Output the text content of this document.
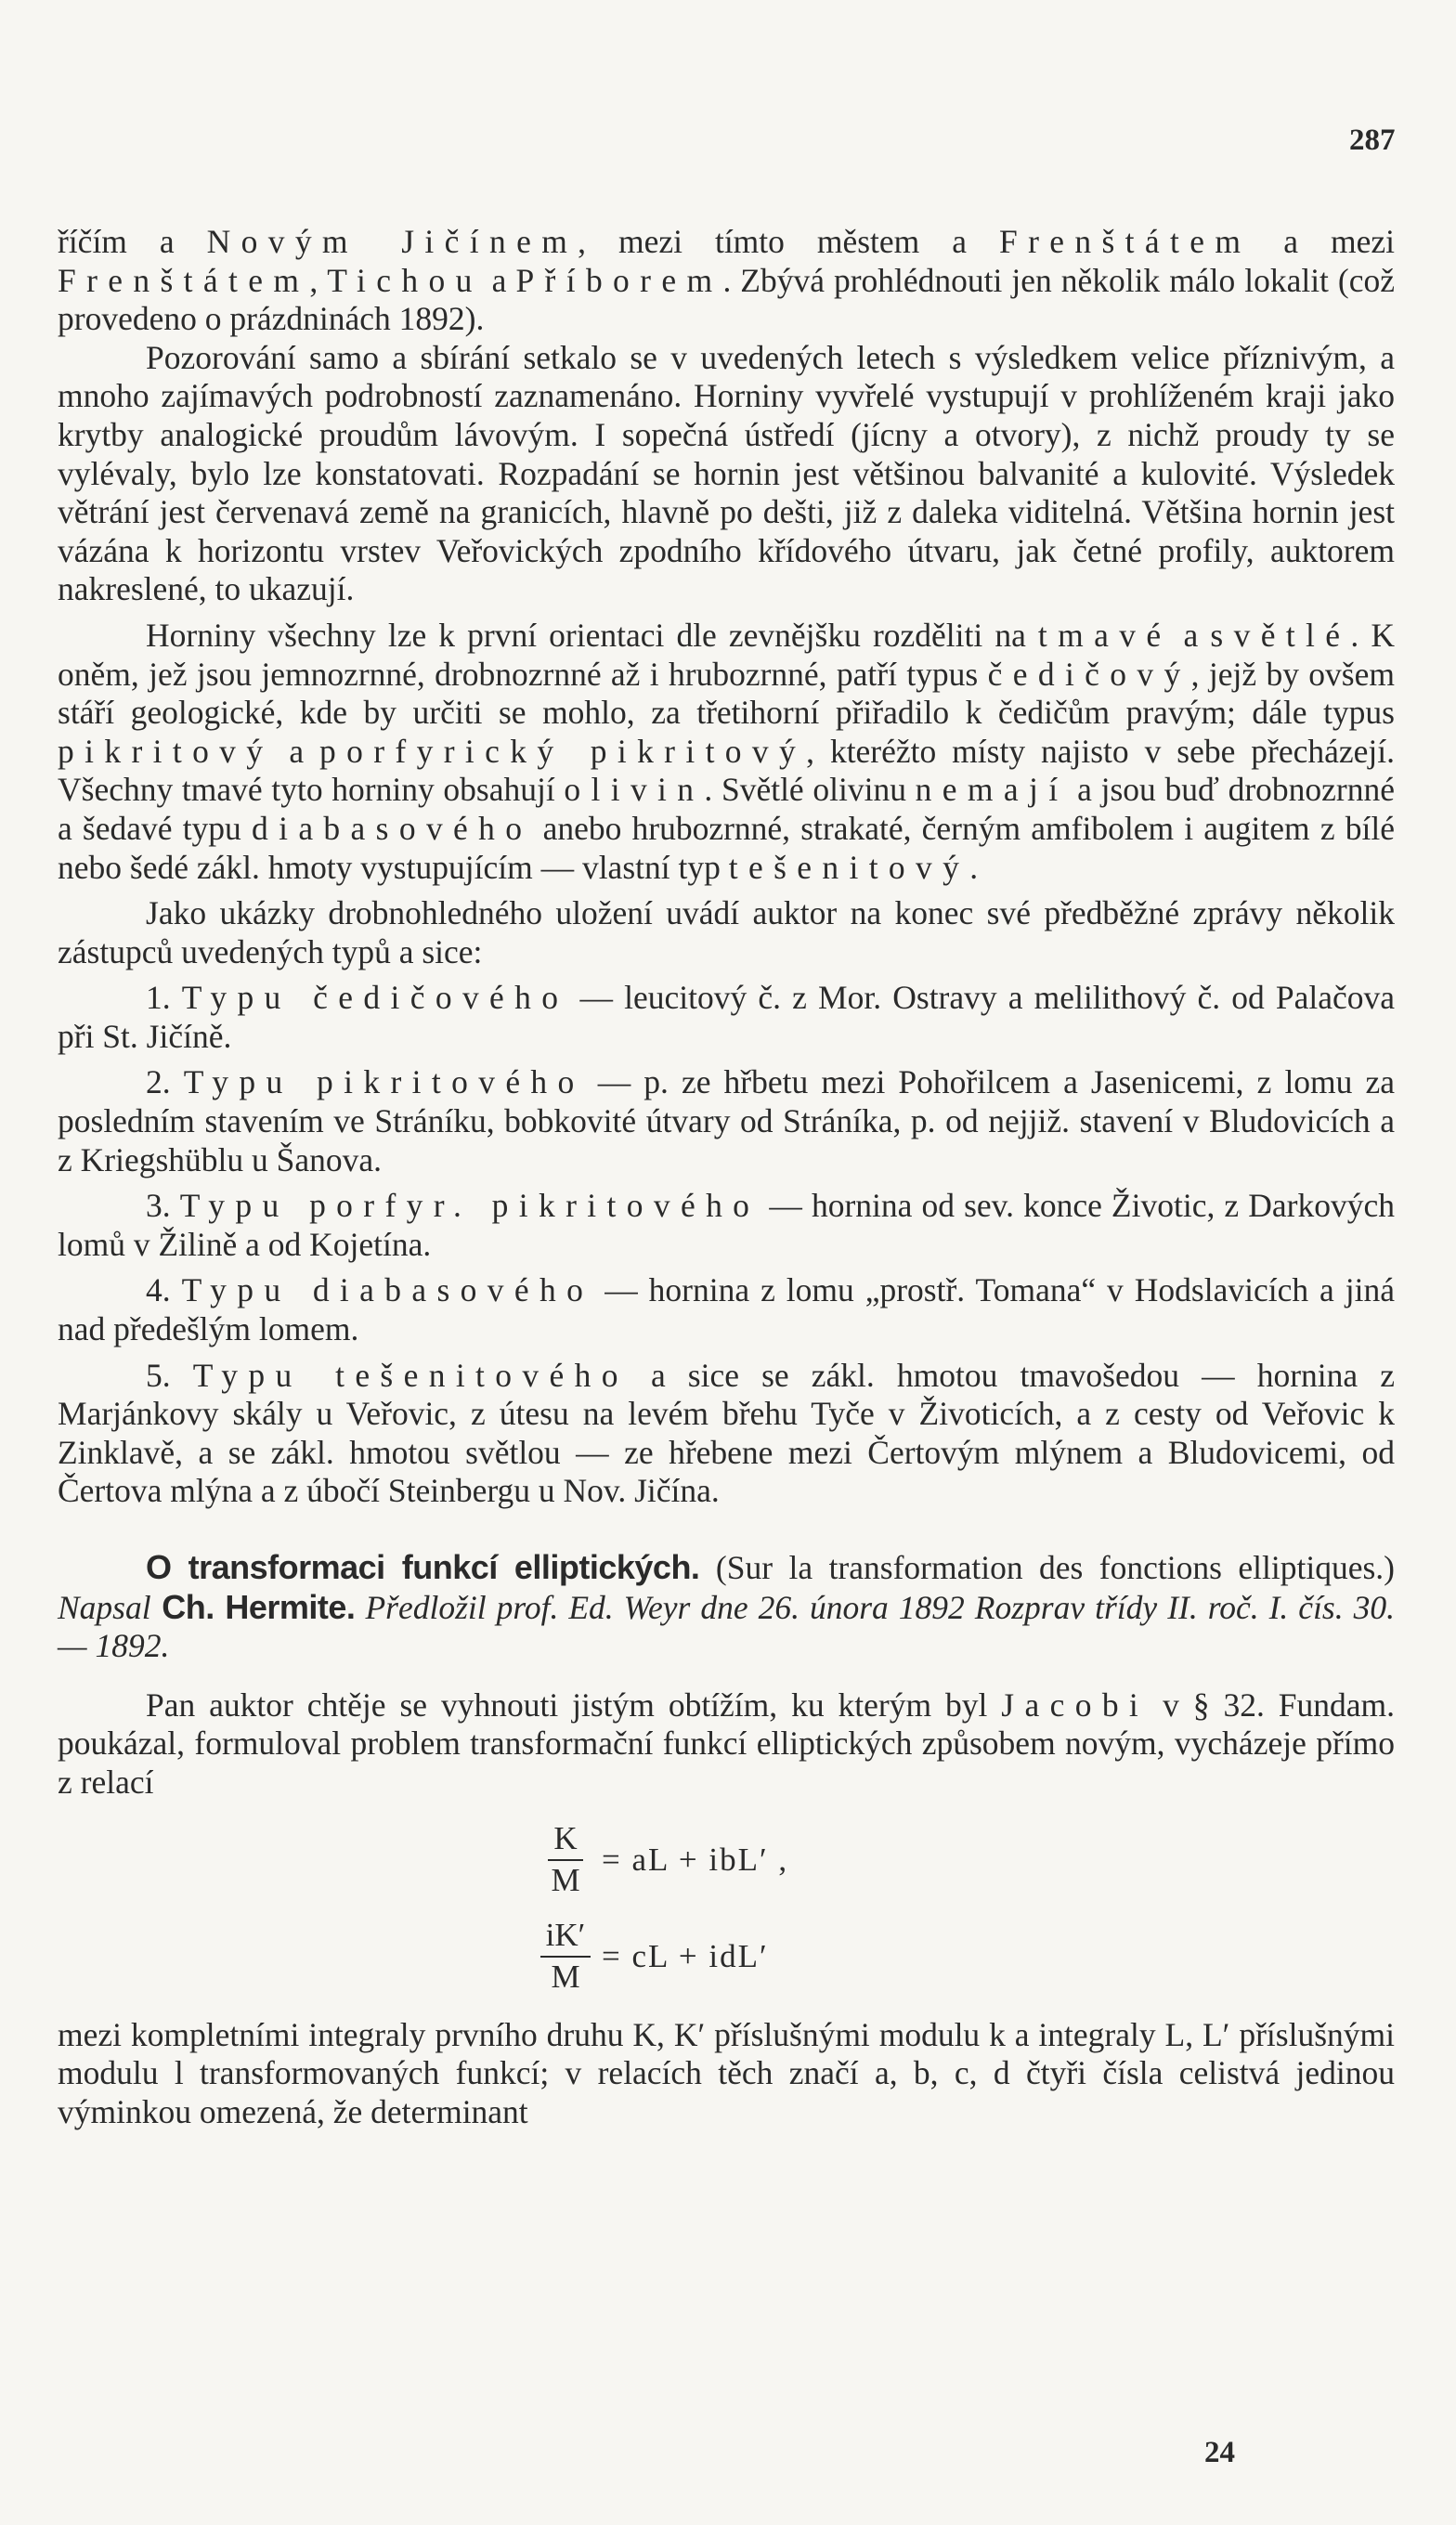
287

říčím a Novým Jičínem, mezi tímto městem a Frenštátem a mezi Frenštátem, Tichou a Příborem. Zbývá prohlédnouti jen několik málo lokalit (což provedeno o prázdninách 1892).

Pozorování samo a sbírání setkalo se v uvedených letech s výsledkem velice příznivým, a mnoho zajímavých podrobností zaznamenáno. Horniny vyvřelé vystupují v prohlíženém kraji jako krytby analogické proudům lávovým. I sopečná ústředí (jícny a otvory), z nichž proudy ty se vylévaly, bylo lze konstatovati. Rozpadání se hornin jest většinou balvanité a kulovité. Výsledek větrání jest červenavá země na granicích, hlavně po dešti, již z daleka viditelná. Většina hornin jest vázána k horizontu vrstev Veřovických zpodního křídového útvaru, jak četné profily, auktorem nakreslené, to ukazují.

Horniny všechny lze k první orientaci dle zevnějšku rozděliti na tmavé a světlé. K oněm, jež jsou jemnozrnné, drobnozrnné až i hrubozrnné, patří typus čedičový, jejž by ovšem stáří geologické, kde by určiti se mohlo, za třetihorní přiřadilo k čedičům pravým; dále typus pikritový a porfyrický pikritový, kteréžto místy najisto v sebe přecházejí. Všechny tmavé tyto horniny obsahují olivin. Světlé olivinu nemají a jsou buď drobnozrnné a šedavé typu diabasového anebo hrubozrnné, strakaté, černým amfibolem i augitem z bílé nebo šedé zákl. hmoty vystupujícím — vlastní typ tešenitový.

Jako ukázky drobnohledného uložení uvádí auktor na konec své předběžné zprávy několik zástupců uvedených typů a sice:

1. Typu čedičového — leucitový č. z Mor. Ostravy a melilithový č. od Palačova při St. Jičíně.

2. Typu pikritového — p. ze hřbetu mezi Pohořilcem a Jasenicemi, z lomu za posledním stavením ve Stráníku, bobkovité útvary od Stráníka, p. od nejjiž. stavení v Bludovicích a z Kriegshüblu u Šanova.

3. Typu porfyr. pikritového — hornina od sev. konce Životic, z Darkových lomů v Žilině a od Kojetína.

4. Typu diabasového — hornina z lomu „prostř. Tomana“ v Hodslavicích a jiná nad předešlým lomem.

5. Typu tešenitového a sice se zákl. hmotou tmavošedou — hornina z Marjánkovy skály u Veřovic, z útesu na levém břehu Tyče v Životicích, a z cesty od Veřovic k Zinklavě, a se zákl. hmotou světlou — ze hřebene mezi Čertovým mlýnem a Bludovicemi, od Čertova mlýna a z úbočí Steinbergu u Nov. Jičína.

O transformaci funkcí elliptických. (Sur la transformation des fonctions elliptiques.) Napsal Ch. Hermite. Předložil prof. Ed. Weyr dne 26. února 1892 Rozprav třídy II. roč. I. čís. 30. — 1892.

Pan auktor chtěje se vyhnouti jistým obtížím, ku kterým byl Jacobi v § 32. Fundam. poukázal, formuloval problem transformační funkcí elliptických způsobem novým, vycházeje přímo z relací

$\frac{K}{M}$ = aL + ibL′ ,
$\frac{iK'}{M}$ = cL + idL′

mezi kompletními integraly prvního druhu K, K′ příslušnými modulu k a integraly L, L′ příslušnými modulu l transformovaných funkcí; v relacích těch značí a, b, c, d čtyři čísla celistvá jedinou výminkou omezená, že determinant

24
